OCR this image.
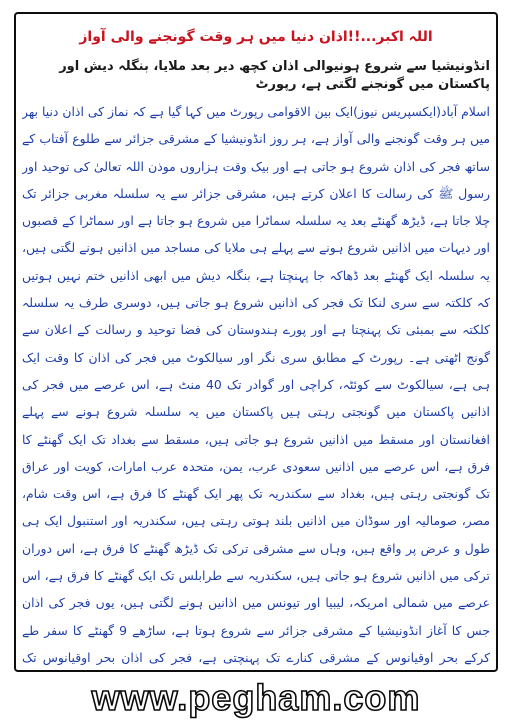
اللہ اکبر...!!اذان دنیا میں ہر وقت گونجنے والی آواز
انڈونیشیا سے شروع ہونیوالی اذان کچھ دیر بعد ملایا، بنگلہ دیش اور پاکستان میں گونجنے لگتی ہے، رپورٹ

اسلام آباد(ایکسپریس نیوز)ایک بین الاقوامی رپورٹ میں کہا گیا ہے کہ نماز کی اذان دنیا بھر میں ہر وقت گونجنے والی آواز ہے، ہر روز انڈونیشیا کے مشرقی جزائر سے طلوع آفتاب کے ساتھ فجر کی اذان شروع ہو جاتی ہے اور بیک وقت ہزاروں موذن اللہ تعالیٰ کی توحید اور رسول ﷺ کی رسالت کا اعلان کرتے ہیں، مشرقی جزائر سے یہ سلسلہ مغربی جزائر تک چلا جاتا ہے، ڈیڑھ گھنٹے بعد یہ سلسلہ سماٹرا میں شروع ہو جاتا ہے اور سماٹرا کے قصبوں اور دیہات میں اذانیں شروع ہونے سے پہلے ہی ملایا کی مساجد میں اذانیں ہونے لگتی ہیں، یہ سلسلہ ایک گھنٹے بعد ڈھاکہ جا پہنچتا ہے، بنگلہ دیش میں ابھی اذانیں ختم نہیں ہوتیں کہ کلکتہ سے سری لنکا تک فجر کی اذانیں شروع ہو جاتی ہیں، دوسری طرف یہ سلسلہ کلکتہ سے بمبئی تک پہنچتا ہے اور پورے ہندوستان کی فضا توحید و رسالت کے اعلان سے گونج اٹھتی ہے۔ رپورٹ کے مطابق سری نگر اور سیالکوٹ میں فجر کی اذان کا وقت ایک ہی ہے، سیالکوٹ سے کوئٹہ، کراچی اور گوادر تک 40 منٹ ہے، اس عرصے میں فجر کی اذانیں پاکستان میں گونجتی رہتی ہیں پاکستان میں یہ سلسلہ شروع ہونے سے پہلے افغانستان اور مسقط میں اذانیں شروع ہو جاتی ہیں، مسقط سے بغداد تک ایک گھنٹے کا فرق ہے، اس عرصے میں اذانیں سعودی عرب، یمن، متحدہ عرب امارات، کویت اور عراق تک گونجتی رہتی ہیں، بغداد سے سکندریہ تک پھر ایک گھنٹے کا فرق ہے، اس وقت شام، مصر، صومالیہ اور سوڈان میں اذانیں بلند ہوتی رہتی ہیں، سکندریہ اور استنبول ایک ہی طول و عرض پر واقع ہیں، وہاں سے مشرقی ترکی تک ڈیڑھ گھنٹے کا فرق ہے، اس دوران ترکی میں اذانیں شروع ہو جاتی ہیں، سکندریہ سے طرابلس تک ایک گھنٹے کا فرق ہے، اس عرصے میں شمالی امریکہ، لیبیا اور تیونس میں اذانیں ہونے لگتی ہیں، یوں فجر کی اذان جس کا آغاز انڈونیشیا کے مشرقی جزائر سے شروع ہوتا ہے، ساڑھے 9 گھنٹے کا سفر طے کرکے بحر اوقیانوس کے مشرقی کنارے تک پہنچتی ہے، فجر کی اذان بحر اوقیانوس تک

www.pegham.com
